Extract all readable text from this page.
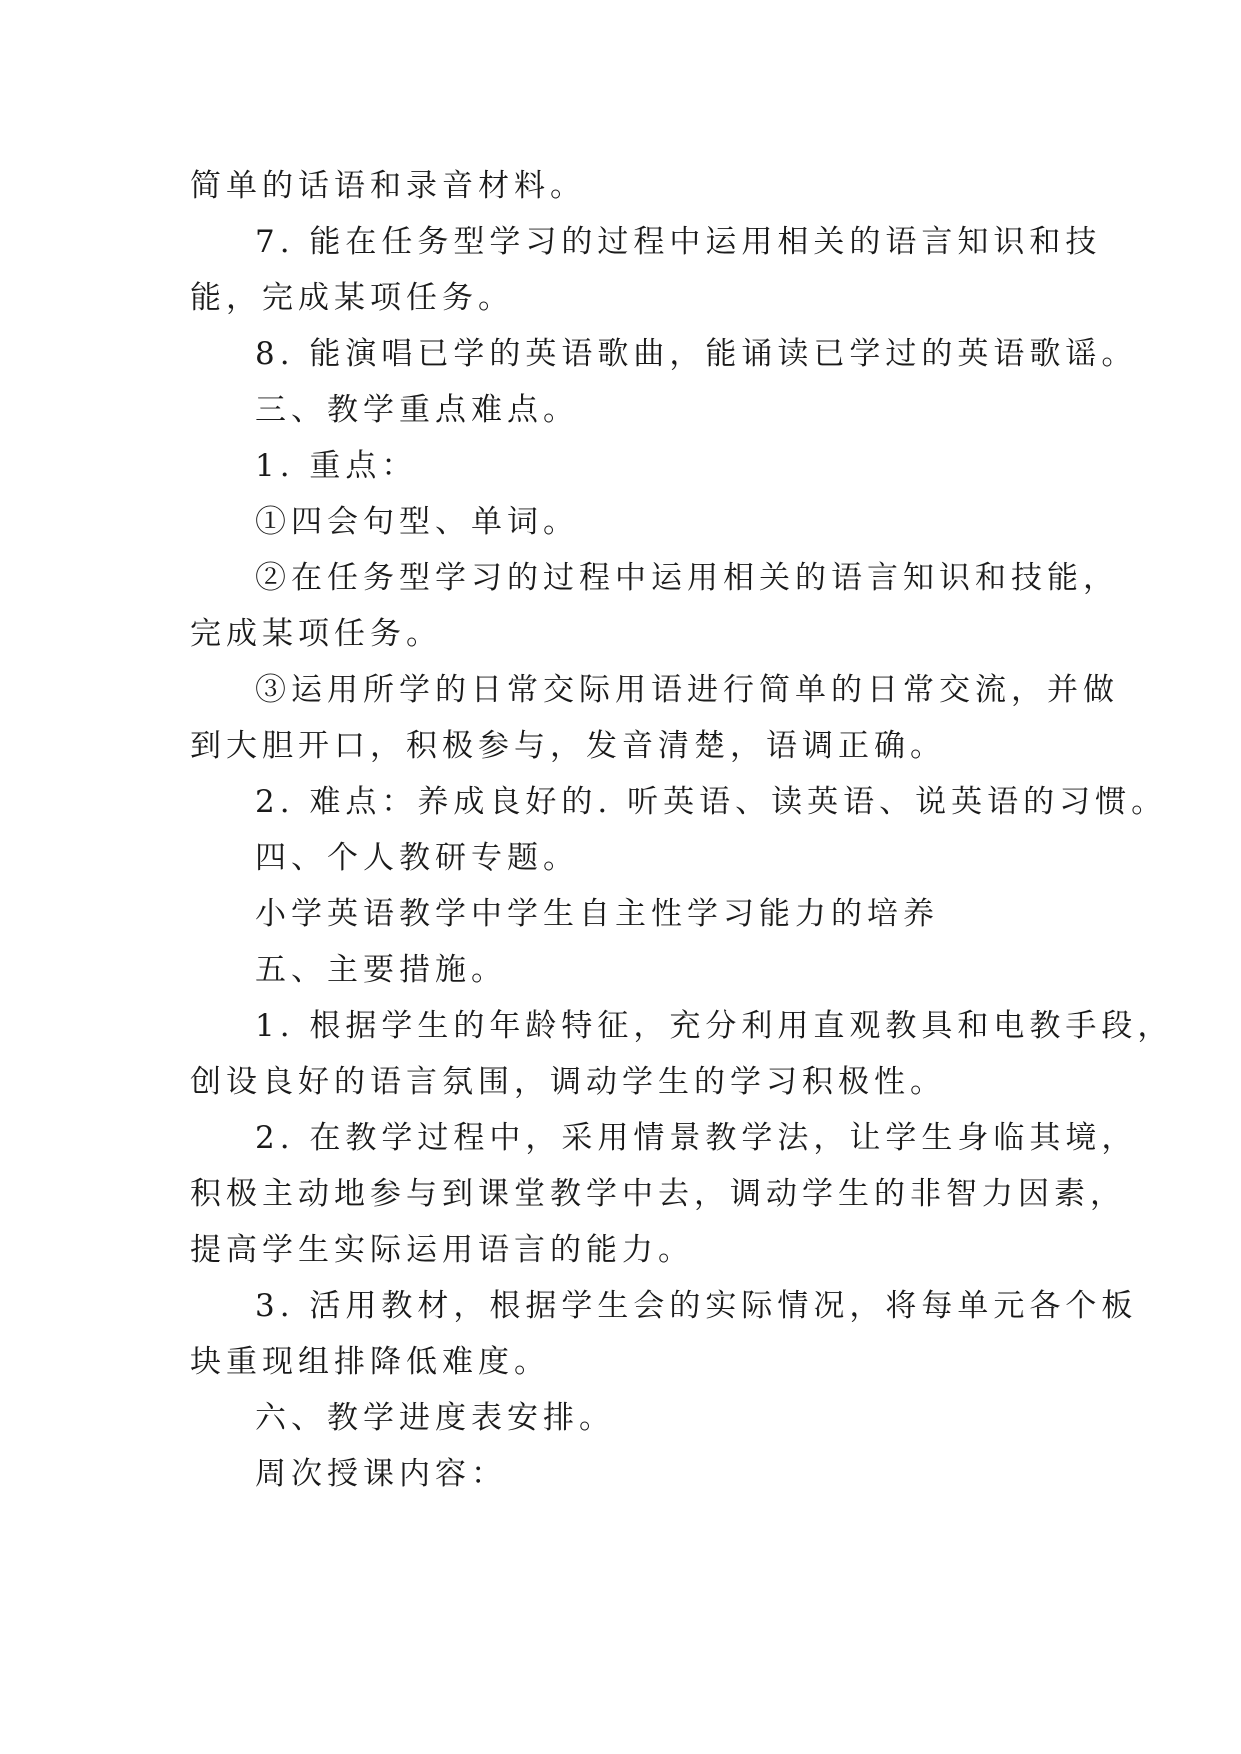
简单的话语和录音材料。
7. 能在任务型学习的过程中运用相关的语言知识和技
能，完成某项任务。
8. 能演唱已学的英语歌曲，能诵读已学过的英语歌谣。
三、教学重点难点。
1. 重点：
①四会句型、单词。
②在任务型学习的过程中运用相关的语言知识和技能，
完成某项任务。
③运用所学的日常交际用语进行简单的日常交流，并做
到大胆开口，积极参与，发音清楚，语调正确。
2. 难点：养成良好的. 听英语、读英语、说英语的习惯。
四、个人教研专题。
小学英语教学中学生自主性学习能力的培养
五、主要措施。
1. 根据学生的年龄特征，充分利用直观教具和电教手段，
创设良好的语言氛围，调动学生的学习积极性。
2. 在教学过程中，采用情景教学法，让学生身临其境，
积极主动地参与到课堂教学中去，调动学生的非智力因素，
提高学生实际运用语言的能力。
3. 活用教材，根据学生会的实际情况，将每单元各个板
块重现组排降低难度。
六、教学进度表安排。
周次授课内容：
